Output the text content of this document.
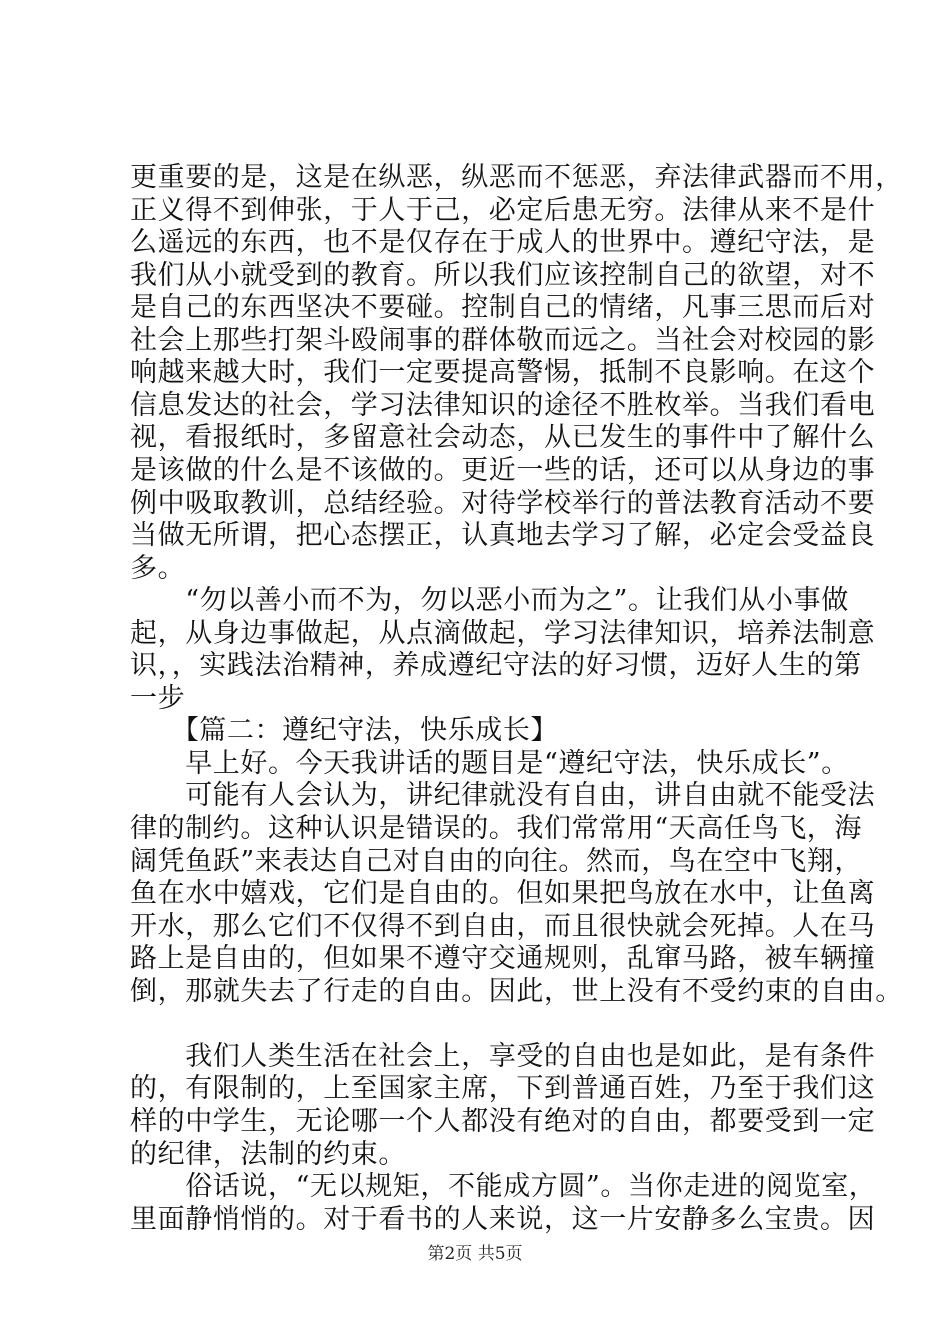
更重要的是，这是在纵恶，纵恶而不惩恶，弃法律武器而不用，
正义得不到伸张，于人于己，必定后患无穷。法律从来不是什
么遥远的东西，也不是仅存在于成人的世界中。遵纪守法，是
我们从小就受到的教育。所以我们应该控制自己的欲望，对不
是自己的东西坚决不要碰。控制自己的情绪，凡事三思而后对
社会上那些打架斗殴闹事的群体敬而远之。当社会对校园的影
响越来越大时，我们一定要提高警惕，抵制不良影响。在这个
信息发达的社会，学习法律知识的途径不胜枚举。当我们看电
视，看报纸时，多留意社会动态，从已发生的事件中了解什么
是该做的什么是不该做的。更近一些的话，还可以从身边的事
例中吸取教训，总结经验。对待学校举行的普法教育活动不要
当做无所谓，把心态摆正，认真地去学习了解，必定会受益良
多。
　　“勿以善小而不为，勿以恶小而为之”。让我们从小事做
起，从身边事做起，从点滴做起，学习法律知识，培养法制意
识，，实践法治精神，养成遵纪守法的好习惯，迈好人生的第
一步
　　【篇二：遵纪守法，快乐成长】
　　早上好。今天我讲话的题目是“遵纪守法，快乐成长”。
　　可能有人会认为，讲纪律就没有自由，讲自由就不能受法
律的制约。这种认识是错误的。我们常常用“天高任鸟飞，海
阔凭鱼跃”来表达自己对自由的向往。然而，鸟在空中飞翔，
鱼在水中嬉戏，它们是自由的。但如果把鸟放在水中，让鱼离
开水，那么它们不仅得不到自由，而且很快就会死掉。人在马
路上是自由的，但如果不遵守交通规则，乱窜马路，被车辆撞
倒，那就失去了行走的自由。因此，世上没有不受约束的自由。
　　我们人类生活在社会上，享受的自由也是如此，是有条件
的，有限制的，上至国家主席，下到普通百姓，乃至于我们这
样的中学生，无论哪一个人都没有绝对的自由，都要受到一定
的纪律，法制的约束。
　　俗话说，“无以规矩，不能成方圆”。当你走进的阅览室，
里面静悄悄的。对于看书的人来说，这一片安静多么宝贵。因
第2页 共5页
